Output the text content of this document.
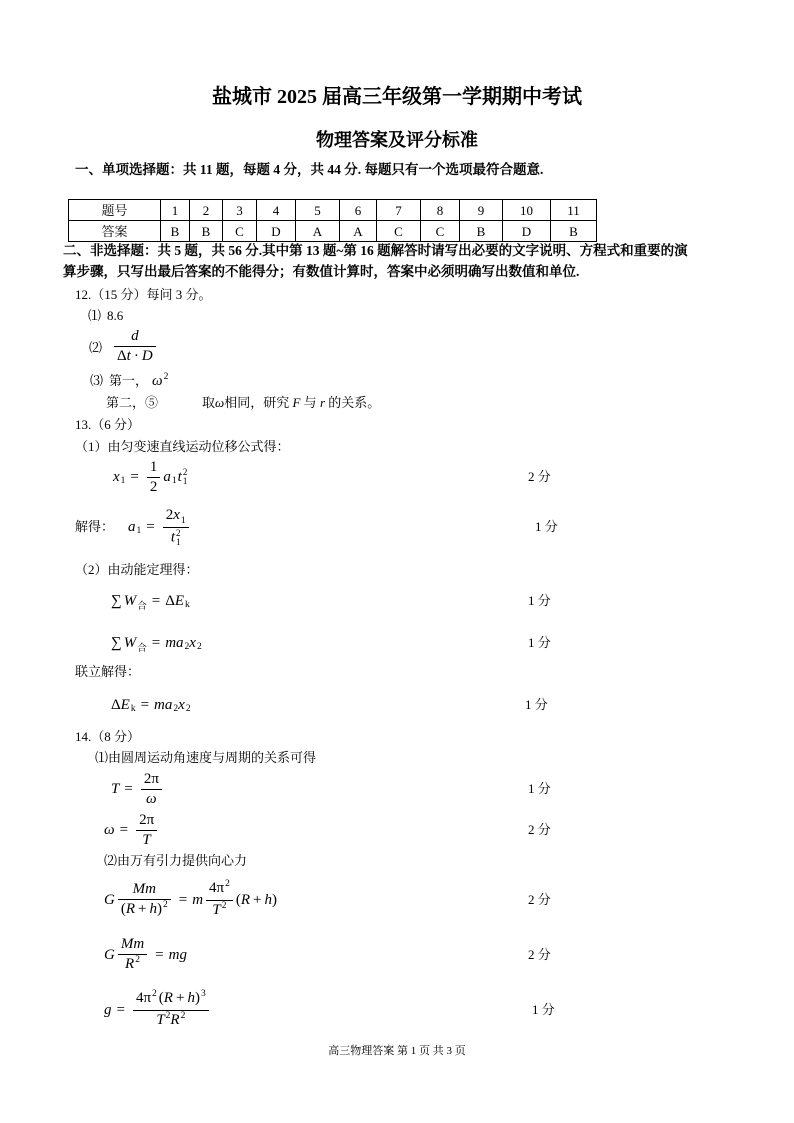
盐城市 2025 届高三年级第一学期期中考试
物理答案及评分标准
一、单项选择题：共 11 题，每题 4 分，共 44 分. 每题只有一个选项最符合题意.
题号	1	2	3	4	5	6	7	8	9	10	11
答案	B	B	C	D	A	A	C	C	B	D	B
二、非选择题：共 5 题，共 56 分.其中第 13 题~第 16 题解答时请写出必要的文字说明、方程式和重要的演
算步骤，只写出最后答案的不能得分；有数值计算时，答案中必须明确写出数值和单位.
12.（15 分）每问 3 分。
⑴ 8.6
⑵ $\frac{d}{\Delta t \cdot D}$
⑶ 第一， $\omega^2$
第二，⑤	取ω相同，研究 F 与 r 的关系。
13.（6 分）
（1）由匀变速直线运动位移公式得：
x $1 = \frac{1}{2}$ a 1 t 2
1	2 分
解得： a $1 = 2x_1$
t 2
1	1 分
（2）由动能定理得：
∑ W 合 = Δ E k	1 分
∑ W 合 = ma 2 x 2	1 分
联立解得：
Δ E k = ma 2 x 2	1 分
14.（8 分）
⑴由圆周运动角速度与周期的关系可得
$T = \frac{2\pi}{\omega}$	1 分
$\omega = \frac{2\pi}{T}$	2 分
⑵由万有引力提供向心力
G $\frac{Mm}{(R + h)^2} = m \frac{4\pi^2}{T^2}$ ( R + h )	2 分
G $\frac{Mm}{R^2}$ = mg	2 分
$g = \frac{4\pi^2 (R + h)^3}{T^2R^2}$	1 分
高三物理答案 第 1 页 共 3 页
